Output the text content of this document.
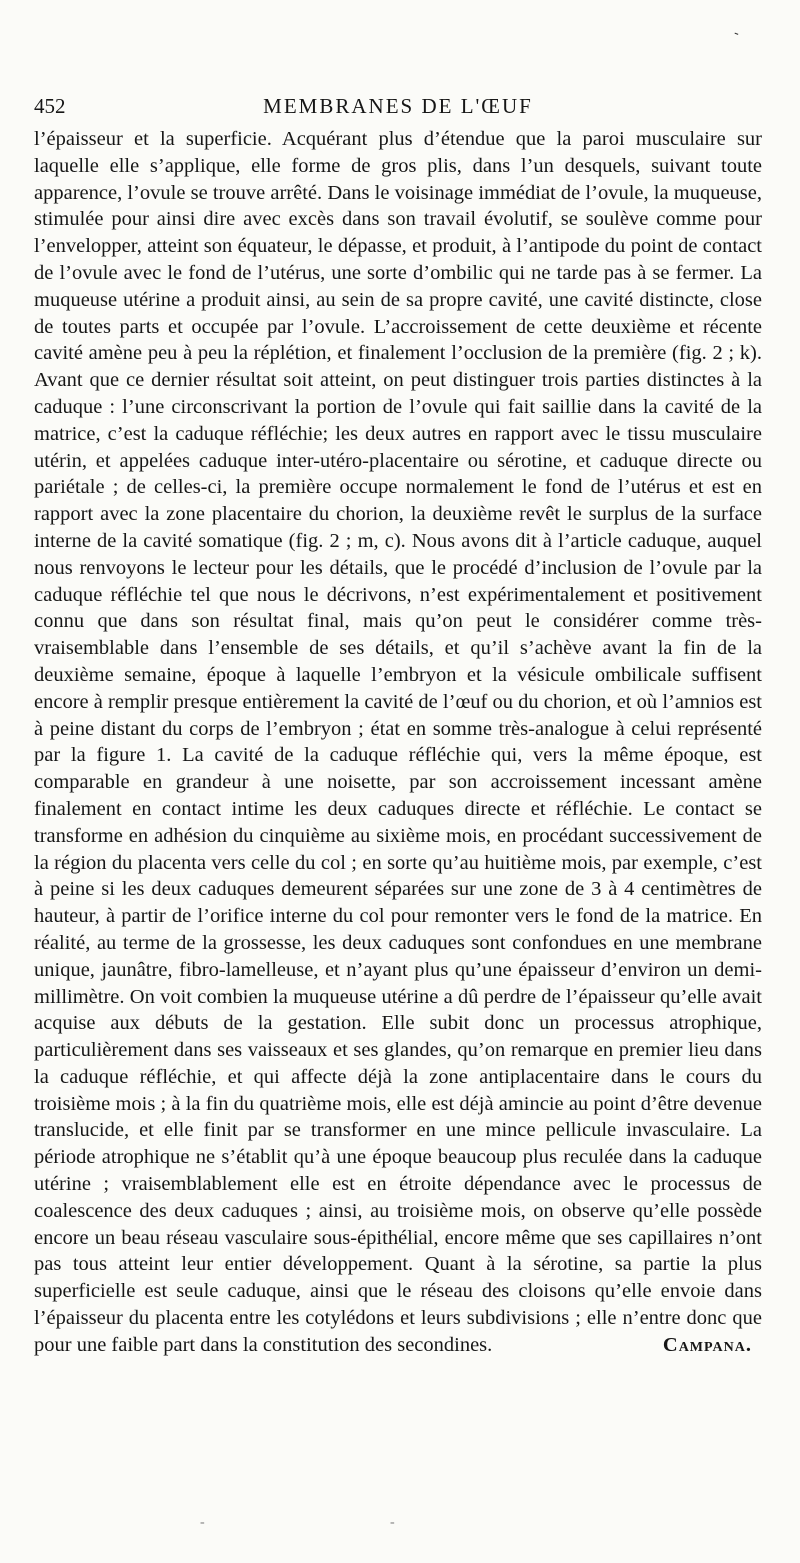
-
452	MEMBRANES DE L'ŒUF

l’épaisseur et la superficie. Acquérant plus d’étendue que la paroi musculaire sur laquelle elle s’applique, elle forme de gros plis, dans l’un desquels, suivant toute apparence, l’ovule se trouve arrêté. Dans le voisinage immédiat de l’ovule, la muqueuse, stimulée pour ainsi dire avec excès dans son travail évolutif, se soulève comme pour l’envelopper, atteint son équateur, le dépasse, et produit, à l’antipode du point de contact de l’ovule avec le fond de l’utérus, une sorte d’ombilic qui ne tarde pas à se fermer. La muqueuse utérine a produit ainsi, au sein de sa propre cavité, une cavité distincte, close de toutes parts et occupée par l’ovule. L’accroissement de cette deuxième et récente cavité amène peu à peu la réplétion, et finalement l’occlusion de la première (fig. 2 ; k). Avant que ce dernier résultat soit atteint, on peut distinguer trois parties distinctes à la caduque : l’une circonscrivant la portion de l’ovule qui fait saillie dans la cavité de la matrice, c’est la caduque réfléchie; les deux autres en rapport avec le tissu musculaire utérin, et appelées caduque inter-utéro-placentaire ou sérotine, et caduque directe ou pariétale ; de celles-ci, la première occupe normalement le fond de l’utérus et est en rapport avec la zone placentaire du chorion, la deuxième revêt le surplus de la surface interne de la cavité somatique (fig. 2 ; m, c). Nous avons dit à l’article caduque, auquel nous renvoyons le lecteur pour les détails, que le procédé d’inclusion de l’ovule par la caduque réfléchie tel que nous le décrivons, n’est expérimentalement et positivement connu que dans son résultat final, mais qu’on peut le considérer comme très-vraisemblable dans l’ensemble de ses détails, et qu’il s’achève avant la fin de la deuxième semaine, époque à laquelle l’embryon et la vésicule ombilicale suffisent encore à remplir presque entièrement la cavité de l’œuf ou du chorion, et où l’amnios est à peine distant du corps de l’embryon ; état en somme très-analogue à celui représenté par la figure 1. La cavité de la caduque réfléchie qui, vers la même époque, est comparable en grandeur à une noisette, par son accroissement incessant amène finalement en contact intime les deux caduques directe et réfléchie. Le contact se transforme en adhésion du cinquième au sixième mois, en procédant successivement de la région du placenta vers celle du col ; en sorte qu’au huitième mois, par exemple, c’est à peine si les deux caduques demeurent séparées sur une zone de 3 à 4 centimètres de hauteur, à partir de l’orifice interne du col pour remonter vers le fond de la matrice. En réalité, au terme de la grossesse, les deux caduques sont confondues en une membrane unique, jaunâtre, fibro-lamelleuse, et n’ayant plus qu’une épaisseur d’environ un demi-millimètre. On voit combien la muqueuse utérine a dû perdre de l’épaisseur qu’elle avait acquise aux débuts de la gestation. Elle subit donc un processus atrophique, particulièrement dans ses vaisseaux et ses glandes, qu’on remarque en premier lieu dans la caduque réfléchie, et qui affecte déjà la zone antiplacentaire dans le cours du troisième mois ; à la fin du quatrième mois, elle est déjà amincie au point d’être devenue translucide, et elle finit par se transformer en une mince pellicule invasculaire. La période atrophique ne s’établit qu’à une époque beaucoup plus reculée dans la caduque utérine ; vraisemblablement elle est en étroite dépendance avec le processus de coalescence des deux caduques ; ainsi, au troisième mois, on observe qu’elle possède encore un beau réseau vasculaire sous-épithélial, encore même que ses capillaires n’ont pas tous atteint leur entier développement. Quant à la sérotine, sa partie la plus superficielle est seule caduque, ainsi que le réseau des cloisons qu’elle envoie dans l’épaisseur du placenta entre les cotylédons et leurs subdivisions ; elle n’entre donc que pour une faible part dans la constitution des secondines.	Campana.

-	-
